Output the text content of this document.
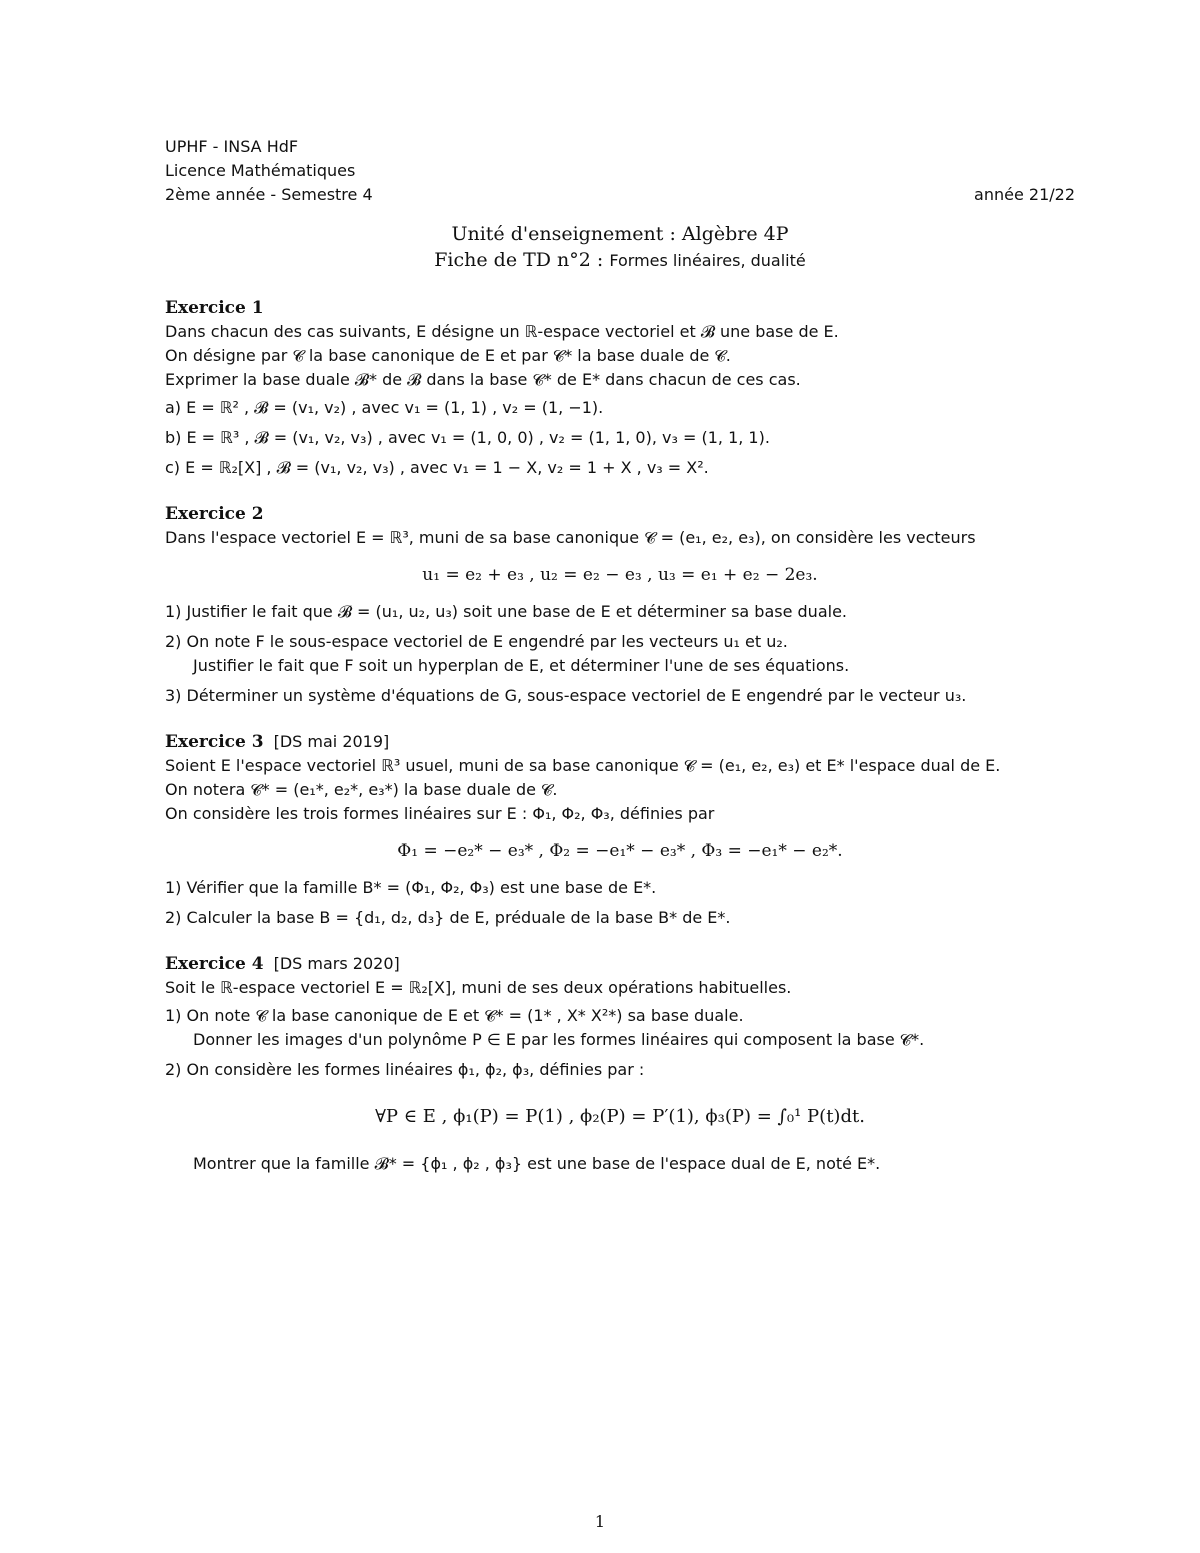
UPHF - INSA HdF
Licence Mathématiques
2ème année - Semestre 4	année 21/22
Unité d'enseignement : Algèbre 4P
Fiche de TD n°2 : Formes linéaires, dualité
Exercice 1
Dans chacun des cas suivants, E désigne un ℝ-espace vectoriel et 𝓑 une base de E.
On désigne par 𝓒 la base canonique de E et par 𝓒* la base duale de 𝓒.
Exprimer la base duale 𝓑* de 𝓑 dans la base 𝓒* de E* dans chacun de ces cas.
a) E = ℝ² , 𝓑 = (v₁, v₂) , avec v₁ = (1, 1) , v₂ = (1, −1).
b) E = ℝ³ , 𝓑 = (v₁, v₂, v₃) , avec v₁ = (1, 0, 0) , v₂ = (1, 1, 0), v₃ = (1, 1, 1).
c) E = ℝ₂[X] , 𝓑 = (v₁, v₂, v₃) , avec v₁ = 1 − X, v₂ = 1 + X , v₃ = X².
Exercice 2
Dans l'espace vectoriel E = ℝ³, muni de sa base canonique 𝓒 = (e₁, e₂, e₃), on considère les vecteurs
u₁ = e₂ + e₃ , u₂ = e₂ − e₃ , u₃ = e₁ + e₂ − 2e₃.
1) Justifier le fait que 𝓑 = (u₁, u₂, u₃) soit une base de E et déterminer sa base duale.
2) On note F le sous-espace vectoriel de E engendré par les vecteurs u₁ et u₂.
Justifier le fait que F soit un hyperplan de E, et déterminer l'une de ses équations.
3) Déterminer un système d'équations de G, sous-espace vectoriel de E engendré par le vecteur u₃.
Exercice 3 [DS mai 2019]
Soient E l'espace vectoriel ℝ³ usuel, muni de sa base canonique 𝓒 = (e₁, e₂, e₃) et E* l'espace dual de E.
On notera 𝓒* = (e₁*, e₂*, e₃*) la base duale de 𝓒.
On considère les trois formes linéaires sur E : Φ₁, Φ₂, Φ₃, définies par
Φ₁ = −e₂* − e₃* , Φ₂ = −e₁* − e₃* , Φ₃ = −e₁* − e₂*.
1) Vérifier que la famille B* = (Φ₁, Φ₂, Φ₃) est une base de E*.
2) Calculer la base B = {d₁, d₂, d₃} de E, préduale de la base B* de E*.
Exercice 4 [DS mars 2020]
Soit le ℝ-espace vectoriel E = ℝ₂[X], muni de ses deux opérations habituelles.
1) On note 𝓒 la base canonique de E et 𝓒* = (1* , X* X²*) sa base duale.
Donner les images d'un polynôme P ∈ E par les formes linéaires qui composent la base 𝓒*.
2) On considère les formes linéaires ϕ₁, ϕ₂, ϕ₃, définies par :
∀P ∈ E , ϕ₁(P) = P(1) , ϕ₂(P) = P′(1), ϕ₃(P) = ∫₀¹ P(t)dt.
Montrer que la famille 𝓑* = {ϕ₁ , ϕ₂ , ϕ₃} est une base de l'espace dual de E, noté E*.
1
